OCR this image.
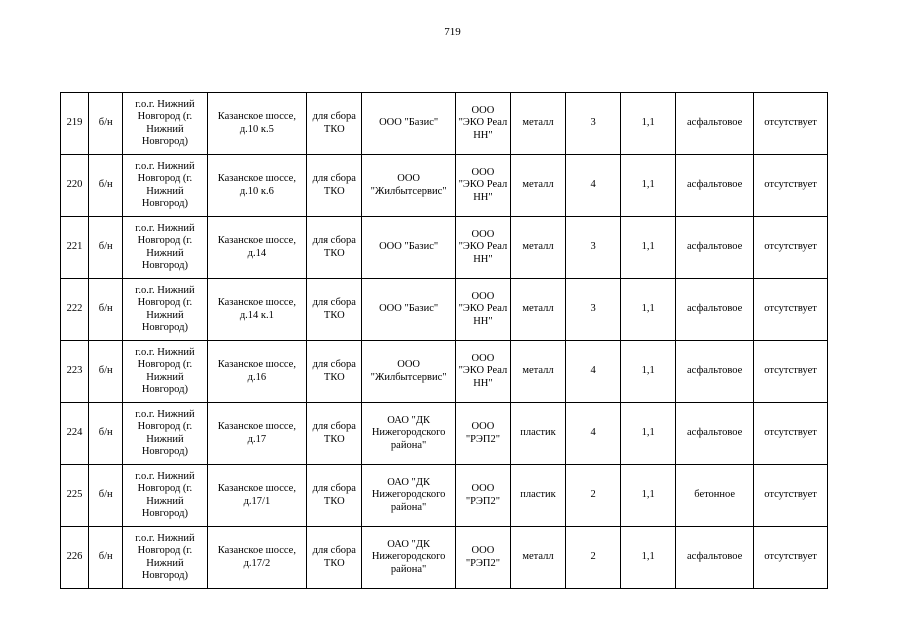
719
219	б/н	г.о.г. Нижний Новгород (г. Нижний Новгород)	Казанское шоссе, д.10 к.5	для сбора ТКО	ООО "Базис"	ООО "ЭКО Реал НН"	металл	3	1,1	асфальтовое	отсутствует
220	б/н	г.о.г. Нижний Новгород (г. Нижний Новгород)	Казанское шоссе, д.10 к.6	для сбора ТКО	ООО "Жилбытсервис"	ООО "ЭКО Реал НН"	металл	4	1,1	асфальтовое	отсутствует
221	б/н	г.о.г. Нижний Новгород (г. Нижний Новгород)	Казанское шоссе, д.14	для сбора ТКО	ООО "Базис"	ООО "ЭКО Реал НН"	металл	3	1,1	асфальтовое	отсутствует
222	б/н	г.о.г. Нижний Новгород (г. Нижний Новгород)	Казанское шоссе, д.14 к.1	для сбора ТКО	ООО "Базис"	ООО "ЭКО Реал НН"	металл	3	1,1	асфальтовое	отсутствует
223	б/н	г.о.г. Нижний Новгород (г. Нижний Новгород)	Казанское шоссе, д.16	для сбора ТКО	ООО "Жилбытсервис"	ООО "ЭКО Реал НН"	металл	4	1,1	асфальтовое	отсутствует
224	б/н	г.о.г. Нижний Новгород (г. Нижний Новгород)	Казанское шоссе, д.17	для сбора ТКО	ОАО "ДК Нижегородского района"	ООО "РЭП2"	пластик	4	1,1	асфальтовое	отсутствует
225	б/н	г.о.г. Нижний Новгород (г. Нижний Новгород)	Казанское шоссе, д.17/1	для сбора ТКО	ОАО "ДК Нижегородского района"	ООО "РЭП2"	пластик	2	1,1	бетонное	отсутствует
226	б/н	г.о.г. Нижний Новгород (г. Нижний Новгород)	Казанское шоссе, д.17/2	для сбора ТКО	ОАО "ДК Нижегородского района"	ООО "РЭП2"	металл	2	1,1	асфальтовое	отсутствует
